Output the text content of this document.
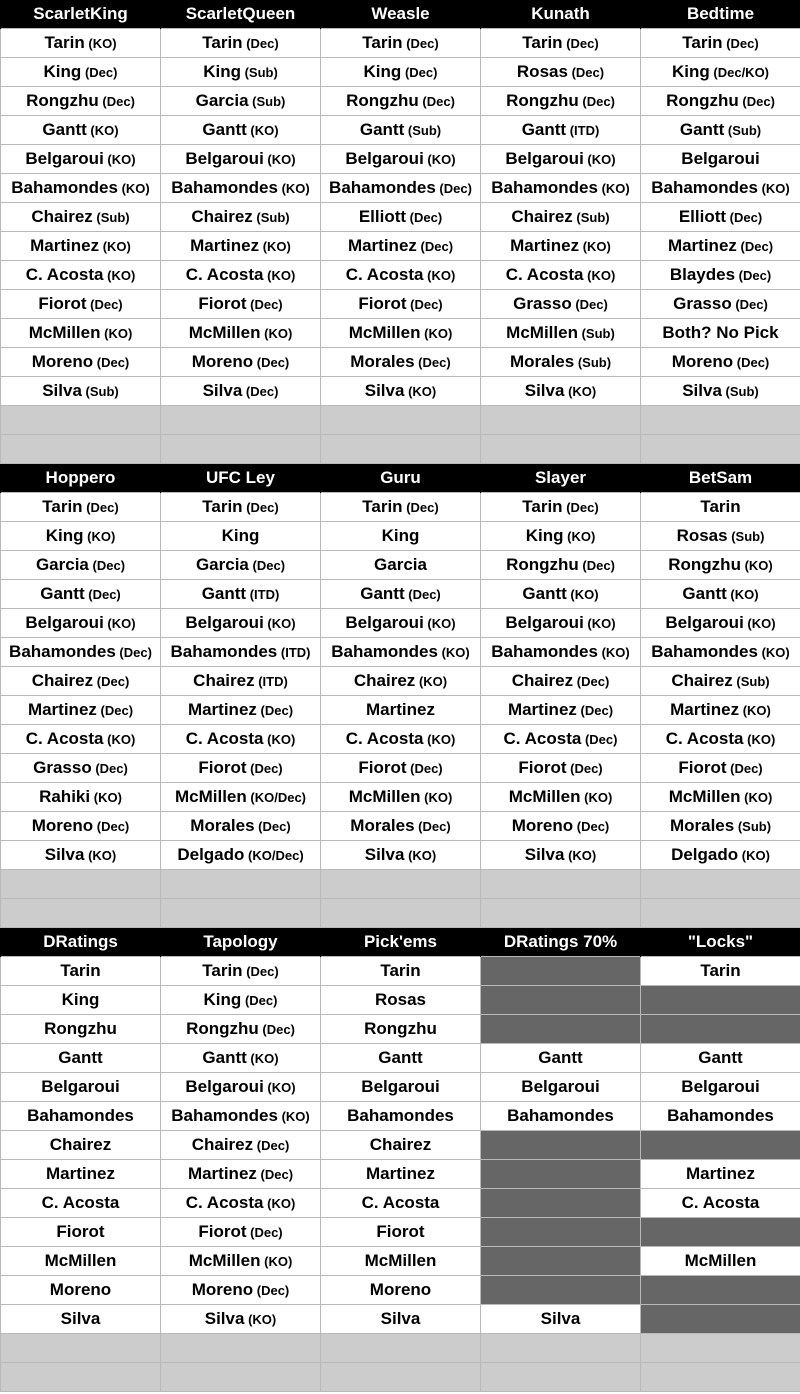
ScarletKing	ScarletQueen	Weasle	Kunath	Bedtime
Tarin (KO)	Tarin (Dec)	Tarin (Dec)	Tarin (Dec)	Tarin (Dec)
King (Dec)	King (Sub)	King (Dec)	Rosas (Dec)	King (Dec/KO)
Rongzhu (Dec)	Garcia (Sub)	Rongzhu (Dec)	Rongzhu (Dec)	Rongzhu (Dec)
Gantt (KO)	Gantt (KO)	Gantt (Sub)	Gantt (ITD)	Gantt (Sub)
Belgaroui (KO)	Belgaroui (KO)	Belgaroui (KO)	Belgaroui (KO)	Belgaroui
Bahamondes (KO)	Bahamondes (KO)	Bahamondes (Dec)	Bahamondes (KO)	Bahamondes (KO)
Chairez (Sub)	Chairez (Sub)	Elliott (Dec)	Chairez (Sub)	Elliott (Dec)
Martinez (KO)	Martinez (KO)	Martinez (Dec)	Martinez (KO)	Martinez (Dec)
C. Acosta (KO)	C. Acosta (KO)	C. Acosta (KO)	C. Acosta (KO)	Blaydes (Dec)
Fiorot (Dec)	Fiorot (Dec)	Fiorot (Dec)	Grasso (Dec)	Grasso (Dec)
McMillen (KO)	McMillen (KO)	McMillen (KO)	McMillen (Sub)	Both? No Pick
Moreno (Dec)	Moreno (Dec)	Morales (Dec)	Morales (Sub)	Moreno (Dec)
Silva (Sub)	Silva (Dec)	Silva (KO)	Silva (KO)	Silva (Sub)

Hoppero	UFC Ley	Guru	Slayer	BetSam
Tarin (Dec)	Tarin (Dec)	Tarin (Dec)	Tarin (Dec)	Tarin
King (KO)	King	King	King (KO)	Rosas (Sub)
Garcia (Dec)	Garcia (Dec)	Garcia	Rongzhu (Dec)	Rongzhu (KO)
Gantt (Dec)	Gantt (ITD)	Gantt (Dec)	Gantt (KO)	Gantt (KO)
Belgaroui (KO)	Belgaroui (KO)	Belgaroui (KO)	Belgaroui (KO)	Belgaroui (KO)
Bahamondes (Dec)	Bahamondes (ITD)	Bahamondes (KO)	Bahamondes (KO)	Bahamondes (KO)
Chairez (Dec)	Chairez (ITD)	Chairez (KO)	Chairez (Dec)	Chairez (Sub)
Martinez (Dec)	Martinez (Dec)	Martinez	Martinez (Dec)	Martinez (KO)
C. Acosta (KO)	C. Acosta (KO)	C. Acosta (KO)	C. Acosta (Dec)	C. Acosta (KO)
Grasso (Dec)	Fiorot (Dec)	Fiorot (Dec)	Fiorot (Dec)	Fiorot (Dec)
Rahiki (KO)	McMillen (KO/Dec)	McMillen (KO)	McMillen (KO)	McMillen (KO)
Moreno (Dec)	Morales (Dec)	Morales (Dec)	Moreno (Dec)	Morales (Sub)
Silva (KO)	Delgado (KO/Dec)	Silva (KO)	Silva (KO)	Delgado (KO)

DRatings	Tapology	Pick'ems	DRatings 70%	"Locks"
Tarin	Tarin (Dec)	Tarin		Tarin
King	King (Dec)	Rosas		
Rongzhu	Rongzhu (Dec)	Rongzhu		
Gantt	Gantt (KO)	Gantt	Gantt	Gantt
Belgaroui	Belgaroui (KO)	Belgaroui	Belgaroui	Belgaroui
Bahamondes	Bahamondes (KO)	Bahamondes	Bahamondes	Bahamondes
Chairez	Chairez (Dec)	Chairez		
Martinez	Martinez (Dec)	Martinez		Martinez
C. Acosta	C. Acosta (KO)	C. Acosta		C. Acosta
Fiorot	Fiorot (Dec)	Fiorot		
McMillen	McMillen (KO)	McMillen		McMillen
Moreno	Moreno (Dec)	Moreno		
Silva	Silva (KO)	Silva	Silva	
